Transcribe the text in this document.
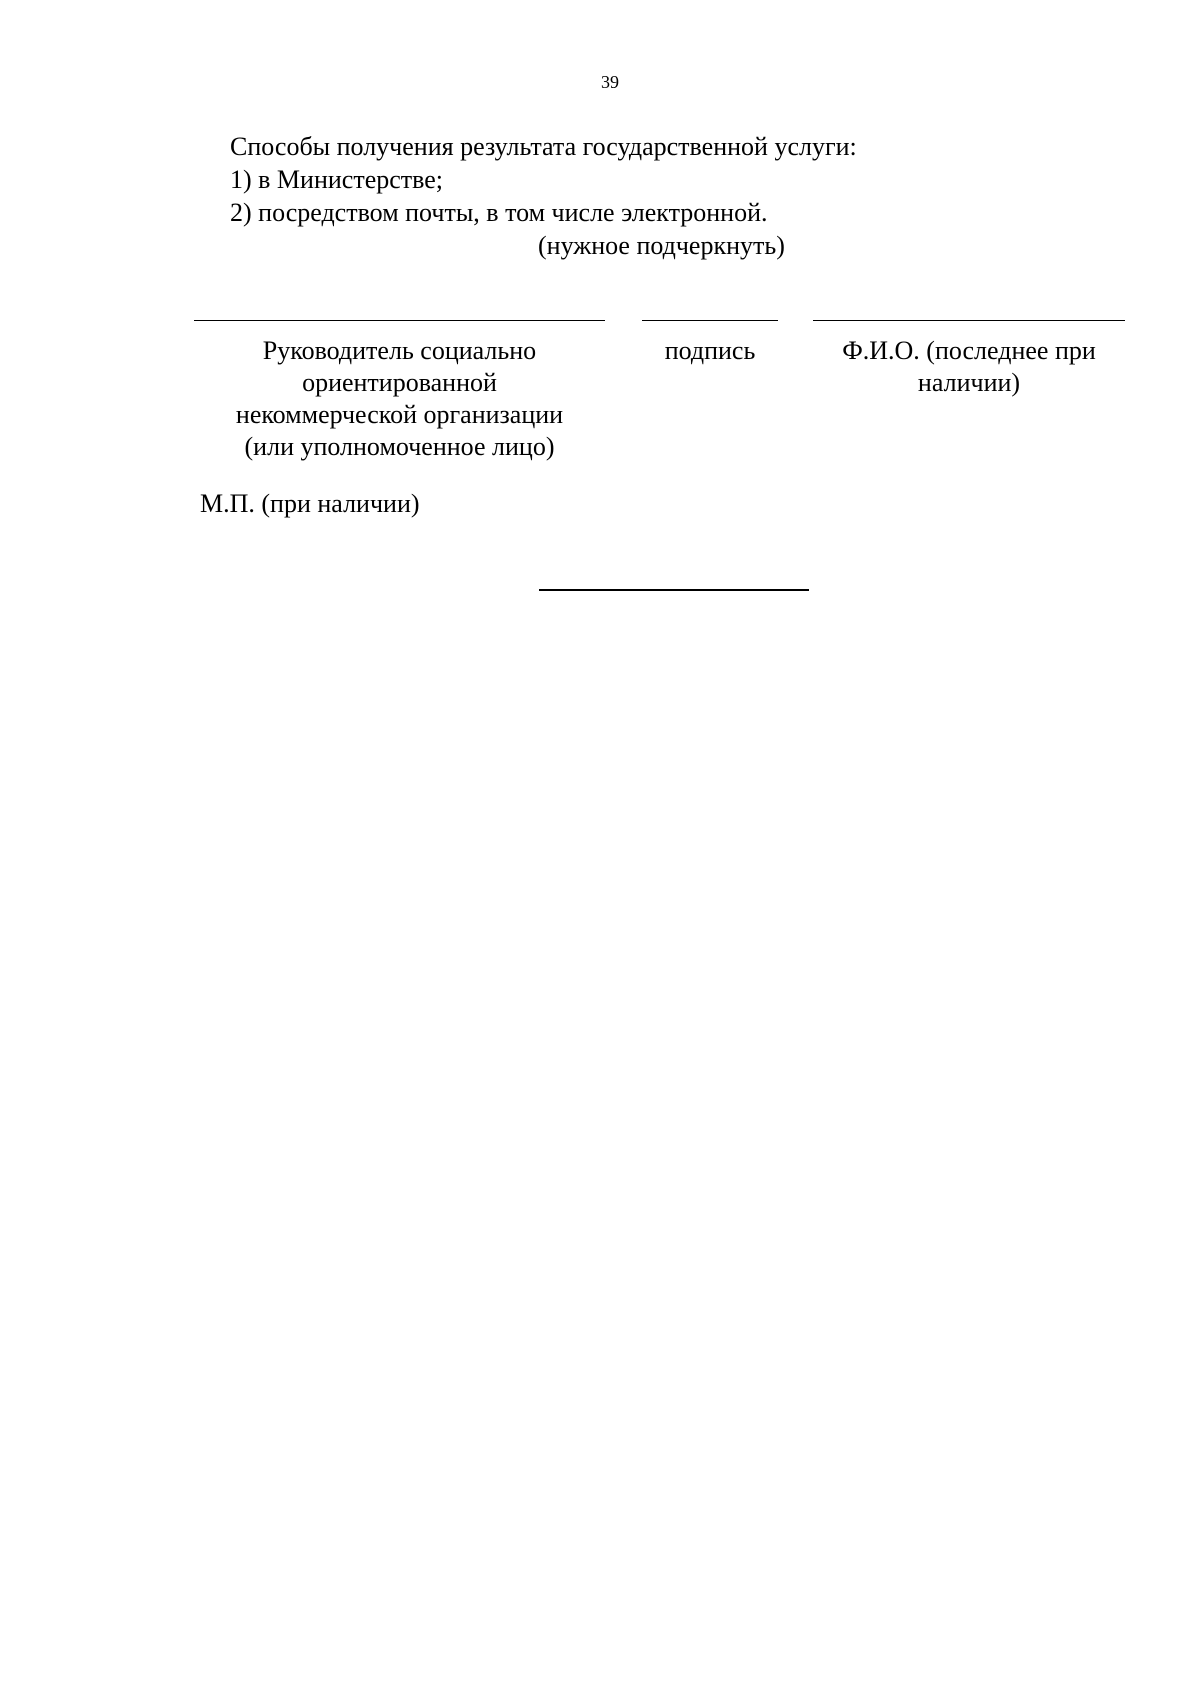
39
Способы получения результата государственной услуги:
1) в Министерстве;
2) посредством почты, в том числе электронной.
(нужное подчеркнуть)
Руководитель социально
ориентированной
некоммерческой организации
(или уполномоченное лицо)
подпись	Ф.И.О. (последнее при
наличии)
М.П. (при наличии)
